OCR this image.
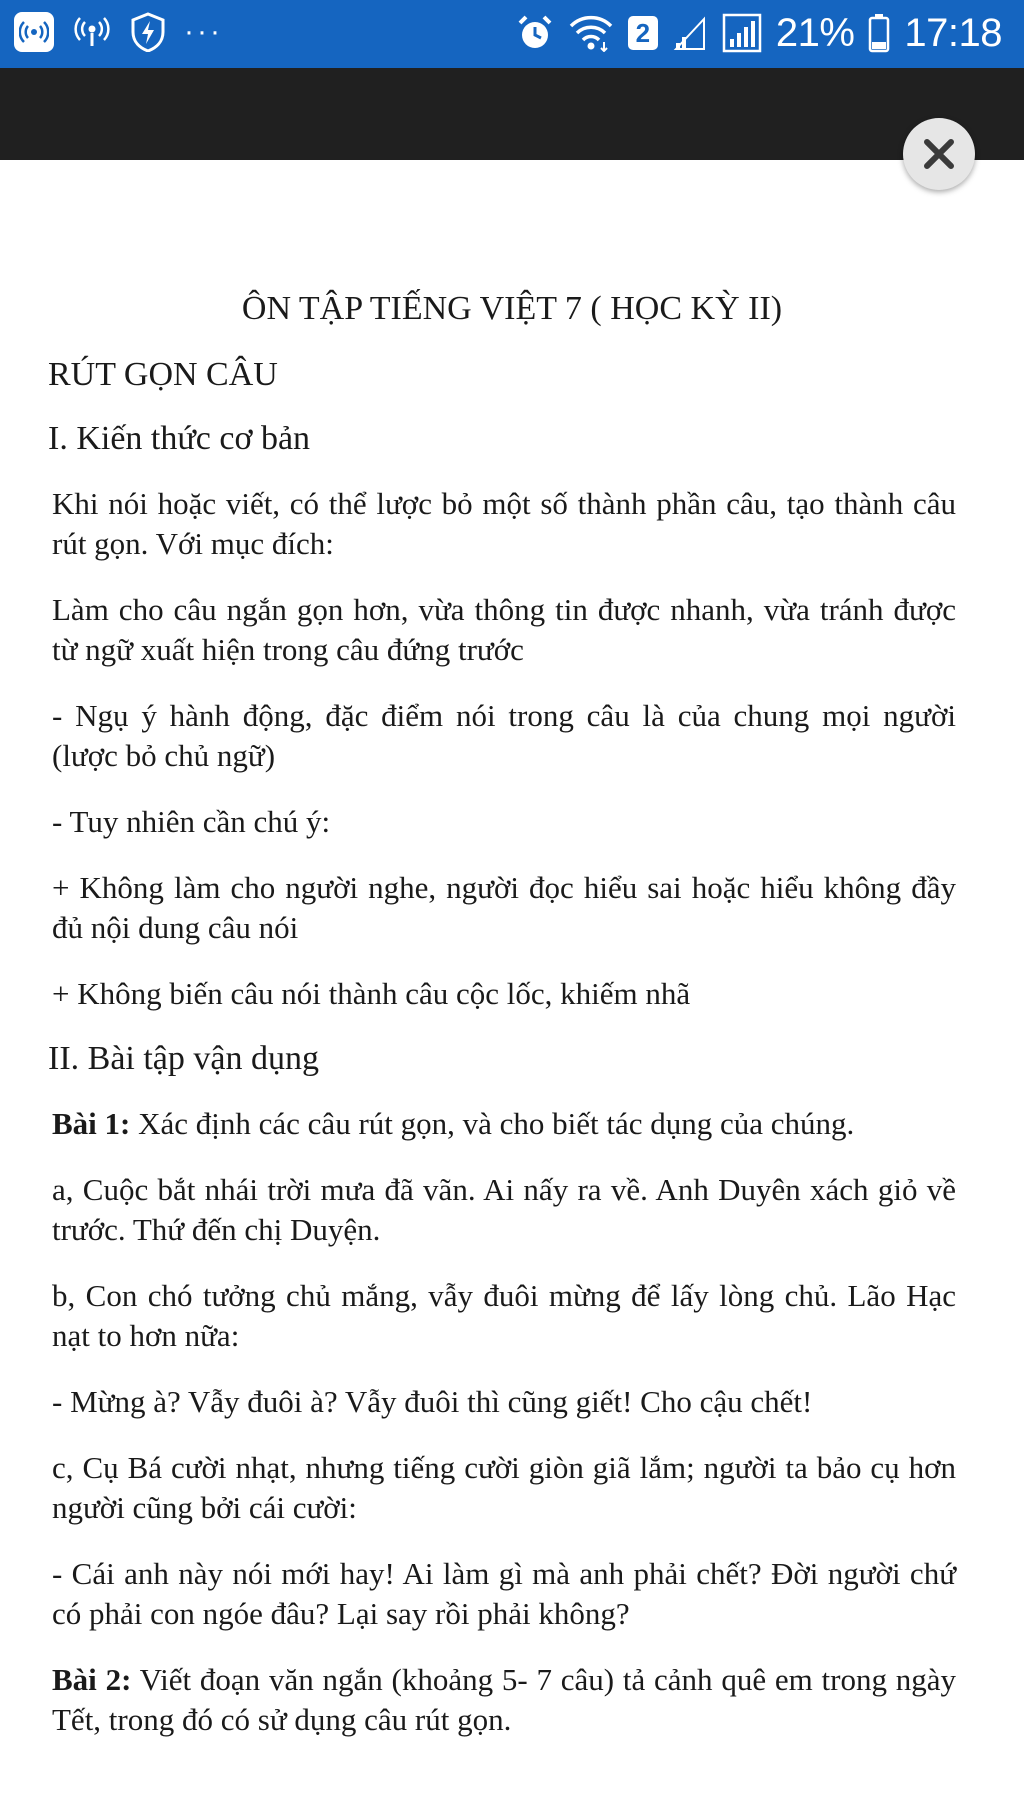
···	2	21% 17:18
ÔN TẬP TIẾNG VIỆT 7 ( HỌC KỲ II)
RÚT GỌN CÂU
I. Kiến thức cơ bản

Khi nói hoặc viết, có thể lược bỏ một số thành phần câu, tạo thành câu rút gọn. Với mục đích:

Làm cho câu ngắn gọn hơn, vừa thông tin được nhanh, vừa tránh được từ ngữ xuất hiện trong câu đứng trước

- Ngụ ý hành động, đặc điểm nói trong câu là của chung mọi người (lược bỏ chủ ngữ)

- Tuy nhiên cần chú ý:

+ Không làm cho người nghe, người đọc hiểu sai hoặc hiểu không đầy đủ nội dung câu nói

+ Không biến câu nói thành câu cộc lốc, khiếm nhã

II. Bài tập vận dụng

Bài 1: Xác định các câu rút gọn, và cho biết tác dụng của chúng.

a, Cuộc bắt nhái trời mưa đã vãn. Ai nấy ra về. Anh Duyên xách giỏ về trước. Thứ đến chị Duyện.

b, Con chó tưởng chủ mắng, vẫy đuôi mừng để lấy lòng chủ. Lão Hạc nạt to hơn nữa:

- Mừng à? Vẫy đuôi à? Vẫy đuôi thì cũng giết! Cho cậu chết!

c, Cụ Bá cười nhạt, nhưng tiếng cười giòn giã lắm; người ta bảo cụ hơn người cũng bởi cái cười:

- Cái anh này nói mới hay! Ai làm gì mà anh phải chết? Đời người chứ có phải con ngóe đâu? Lại say rồi phải không?

Bài 2: Viết đoạn văn ngắn (khoảng 5- 7 câu) tả cảnh quê em trong ngày Tết, trong đó có sử dụng câu rút gọn.
